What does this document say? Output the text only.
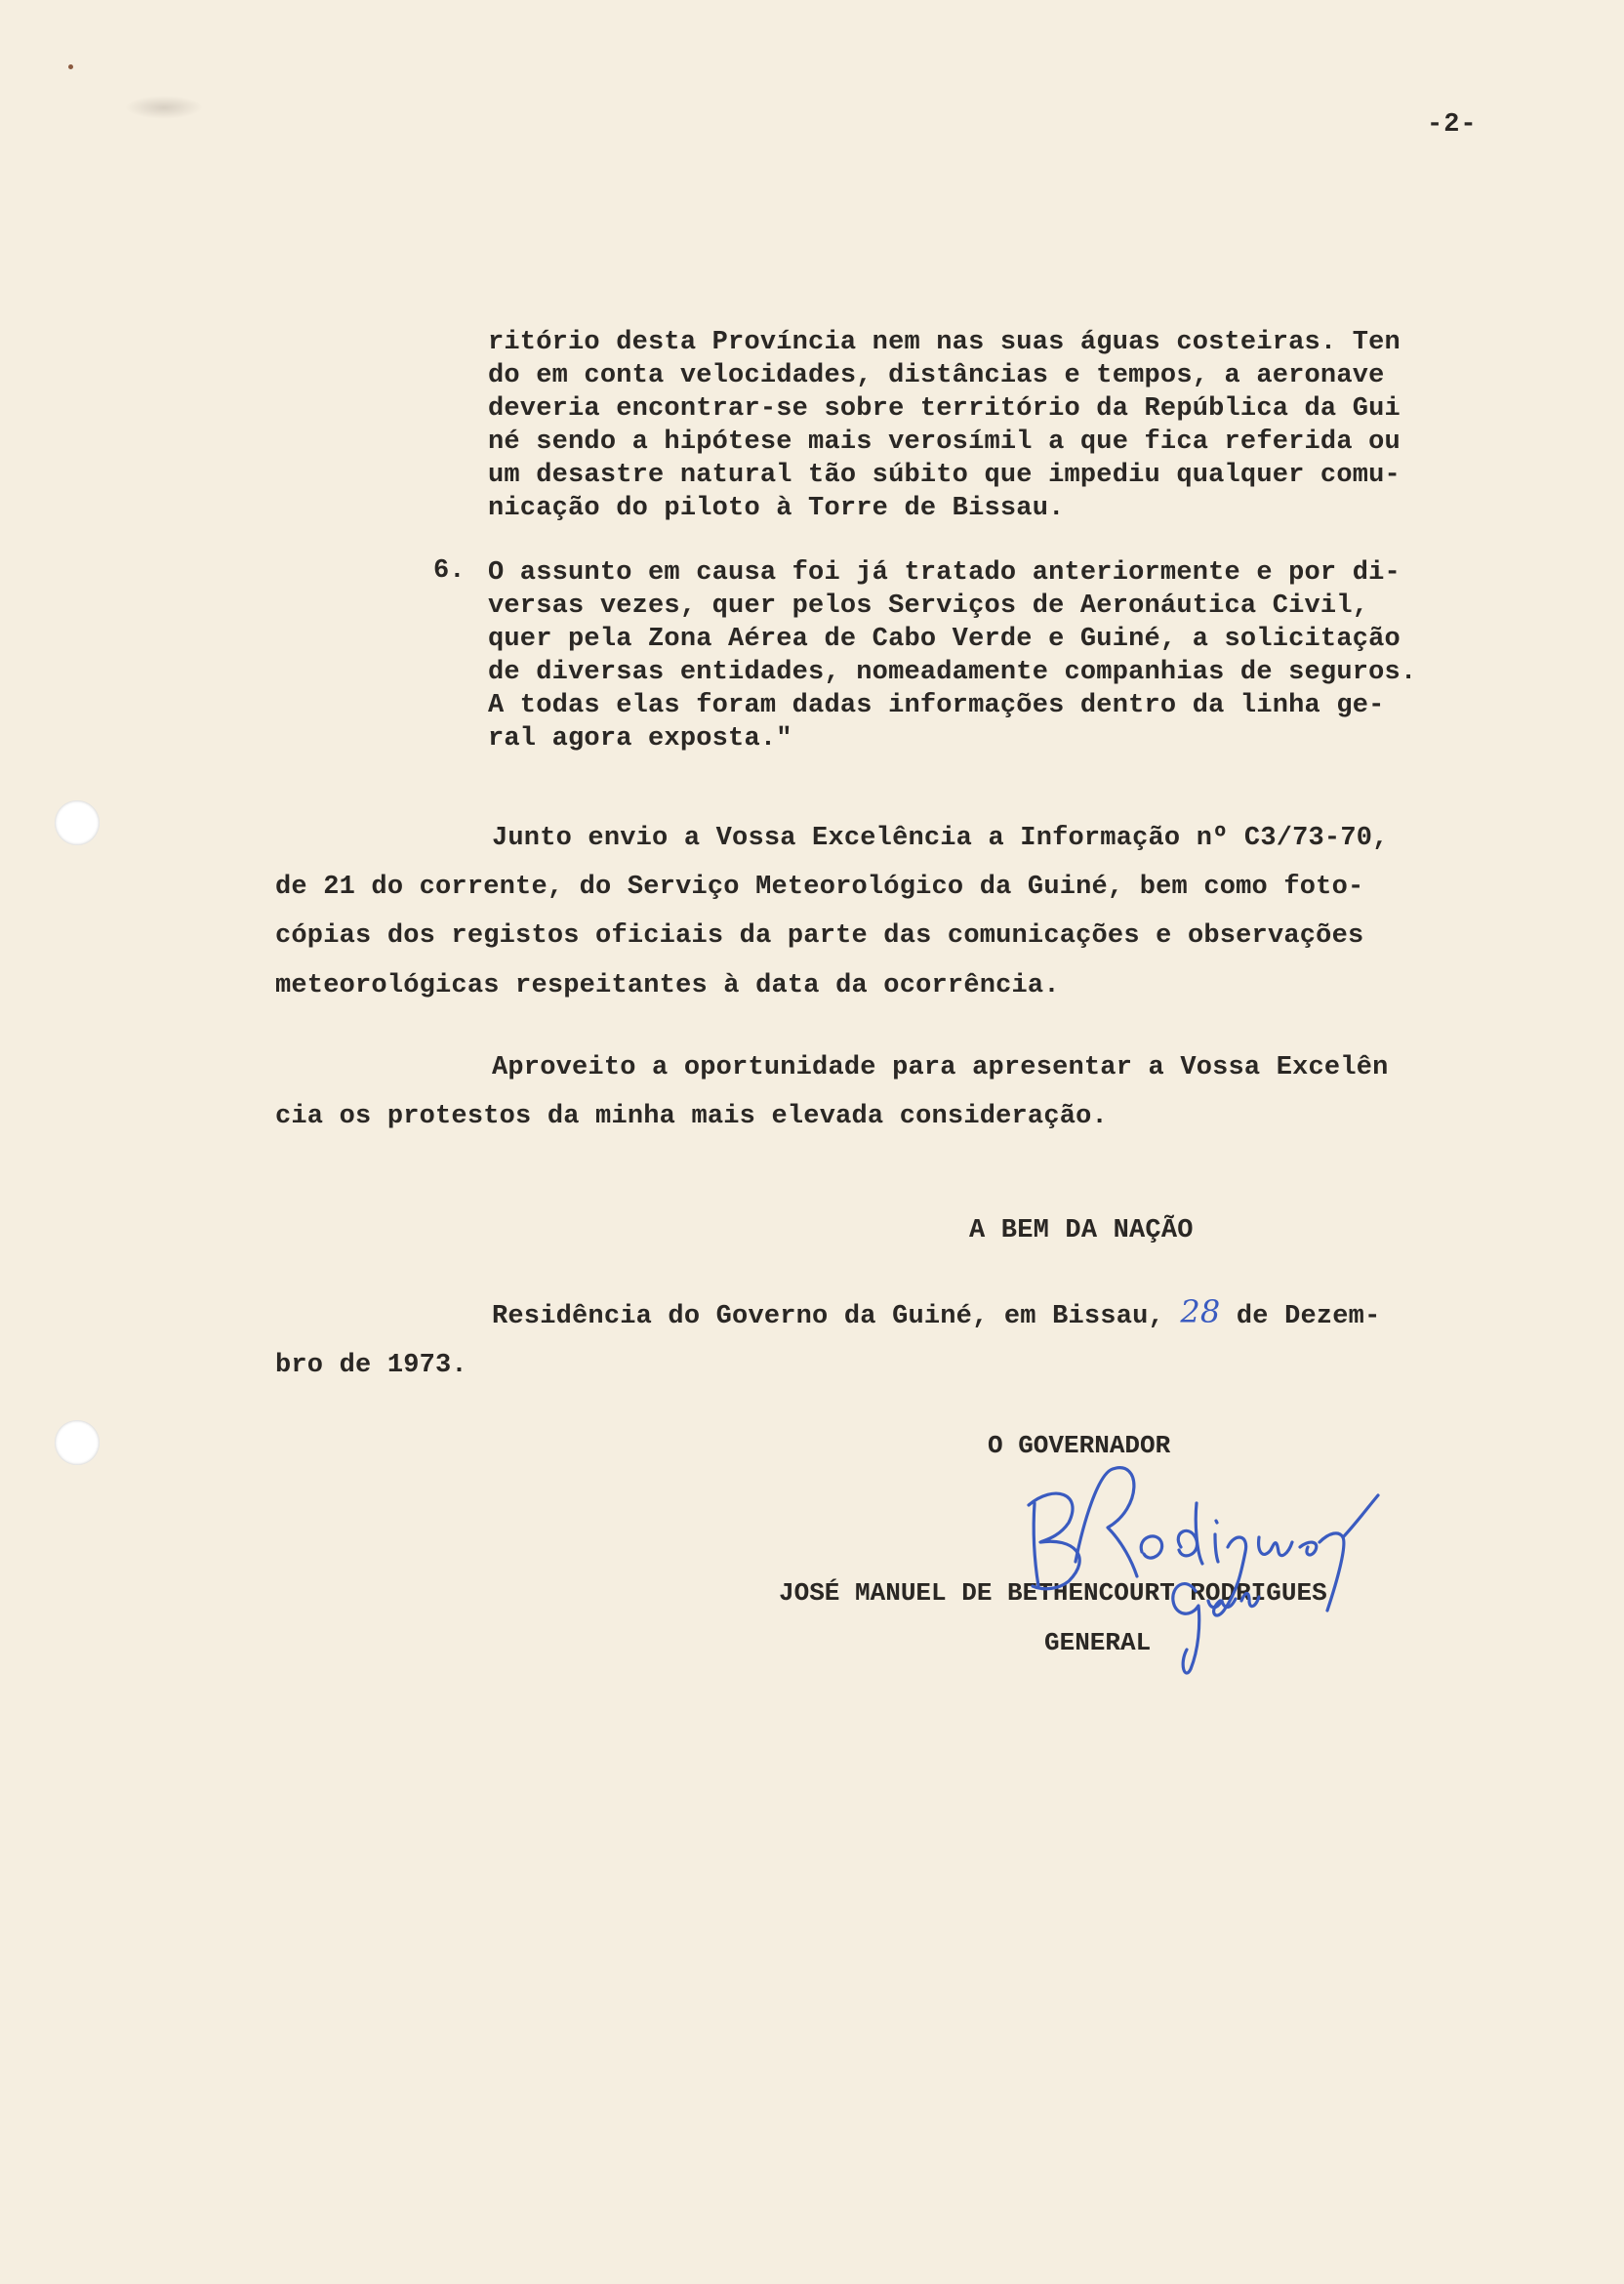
-2-
ritório desta Província nem nas suas águas costeiras. Ten
do em conta velocidades, distâncias e tempos, a aeronave
deveria encontrar-se sobre território da República da Gui
né sendo a hipótese mais verosímil a que fica referida ou
um desastre natural tão súbito que impediu qualquer comu-
nicação do piloto à Torre de Bissau.
6. O assunto em causa foi já tratado anteriormente e por di-
versas vezes, quer pelos Serviços de Aeronáutica Civil,
quer pela Zona Aérea de Cabo Verde e Guiné, a solicitação
de diversas entidades, nomeadamente companhias de seguros.
A todas elas foram dadas informações dentro da linha ge-
ral agora exposta."
Junto envio a Vossa Excelência a Informação nº C3/73-70,
de 21 do corrente, do Serviço Meteorológico da Guiné, bem como foto-
cópias dos registos oficiais da parte das comunicações e observações
meteorológicas respeitantes à data da ocorrência.
Aproveito a oportunidade para apresentar a Vossa Excelên
cia os protestos da minha mais elevada consideração.
A BEM DA NAÇÃO
Residência do Governo da Guiné, em Bissau, 28 de Dezem-
bro de 1973.
O GOVERNADOR
JOSÉ MANUEL DE BETHENCOURT RODRIGUES
GENERAL
